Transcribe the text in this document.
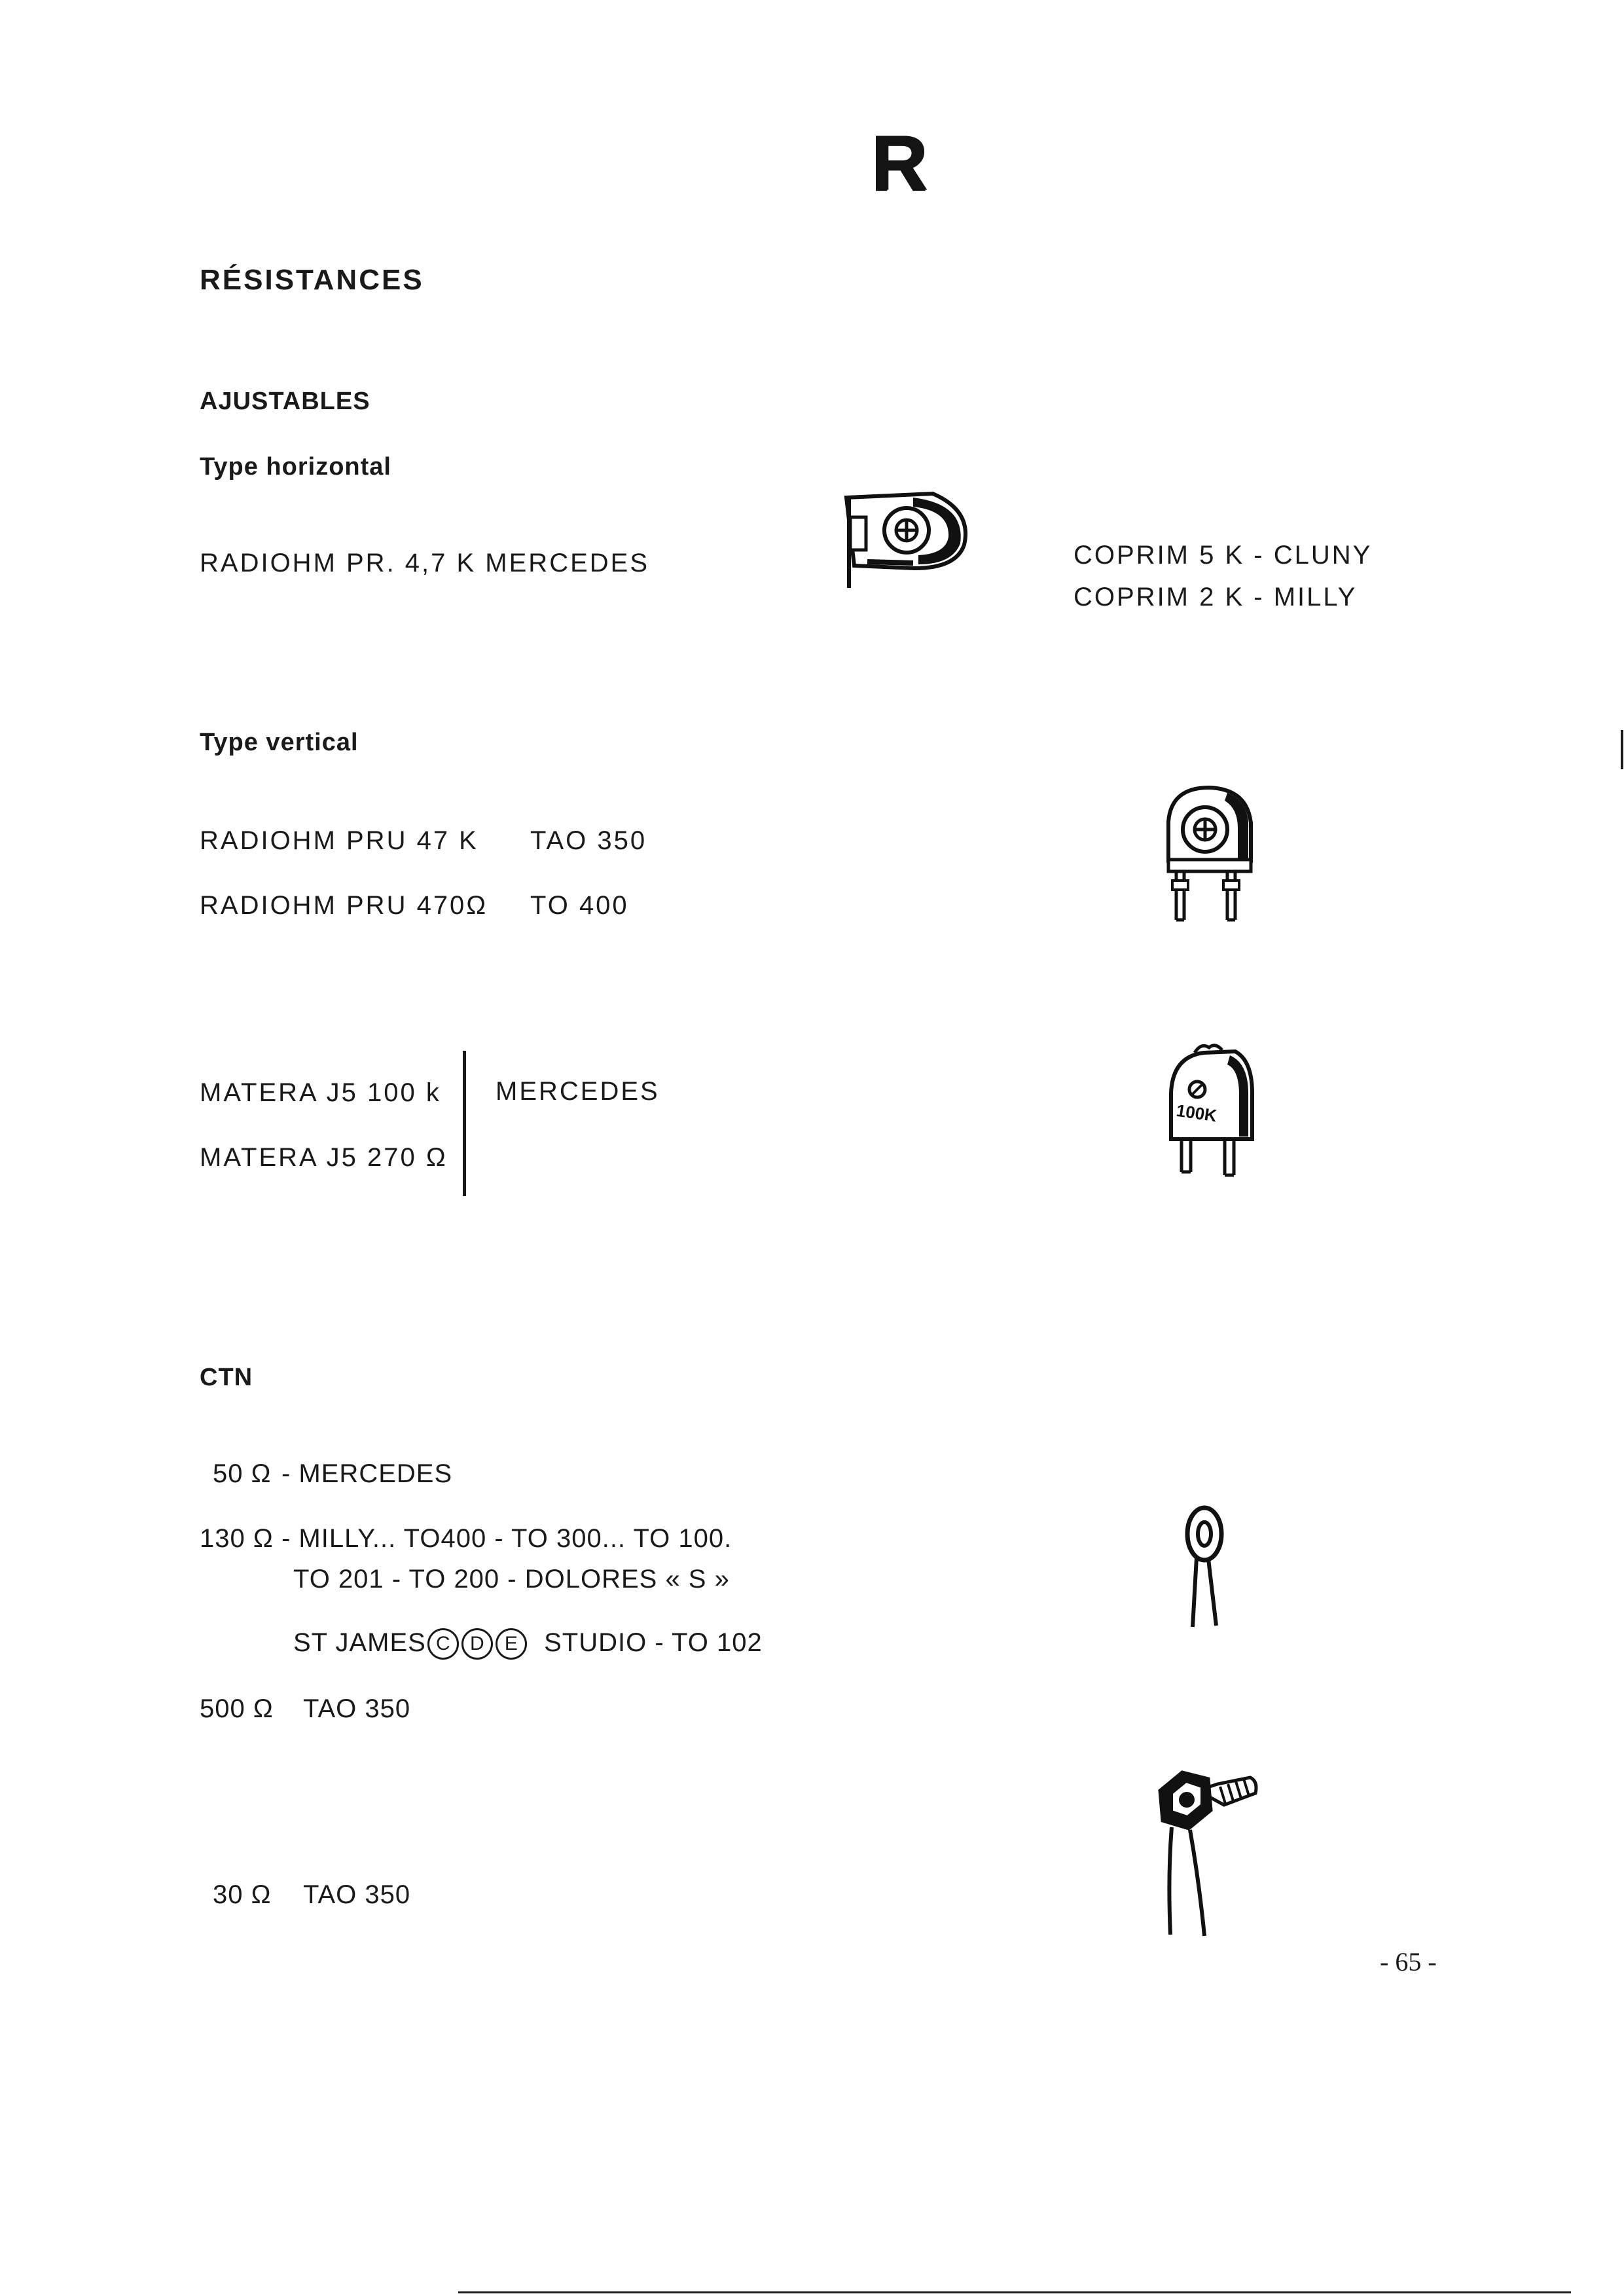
R
RÉSISTANCES
AJUSTABLES
Type horizontal
RADIOHM PR. 4,7 K MERCEDES	COPRIM 5 K - CLUNY
COPRIM 2 K - MILLY
Type vertical
RADIOHM PRU 47 K TAO 350
RADIOHM PRU 470Ω TO 400
MATERA J5 100 k
MATERA J5 270 Ω
MERCEDES
100K
CTN
50 Ω - MERCEDES
130 Ω - MILLY... TO400 - TO 300... TO 100.
TO 201 - TO 200 - DOLORES « S »
ST JAMES C D E STUDIO - TO 102
500 Ω TAO 350
30 Ω TAO 350
- 65 -
